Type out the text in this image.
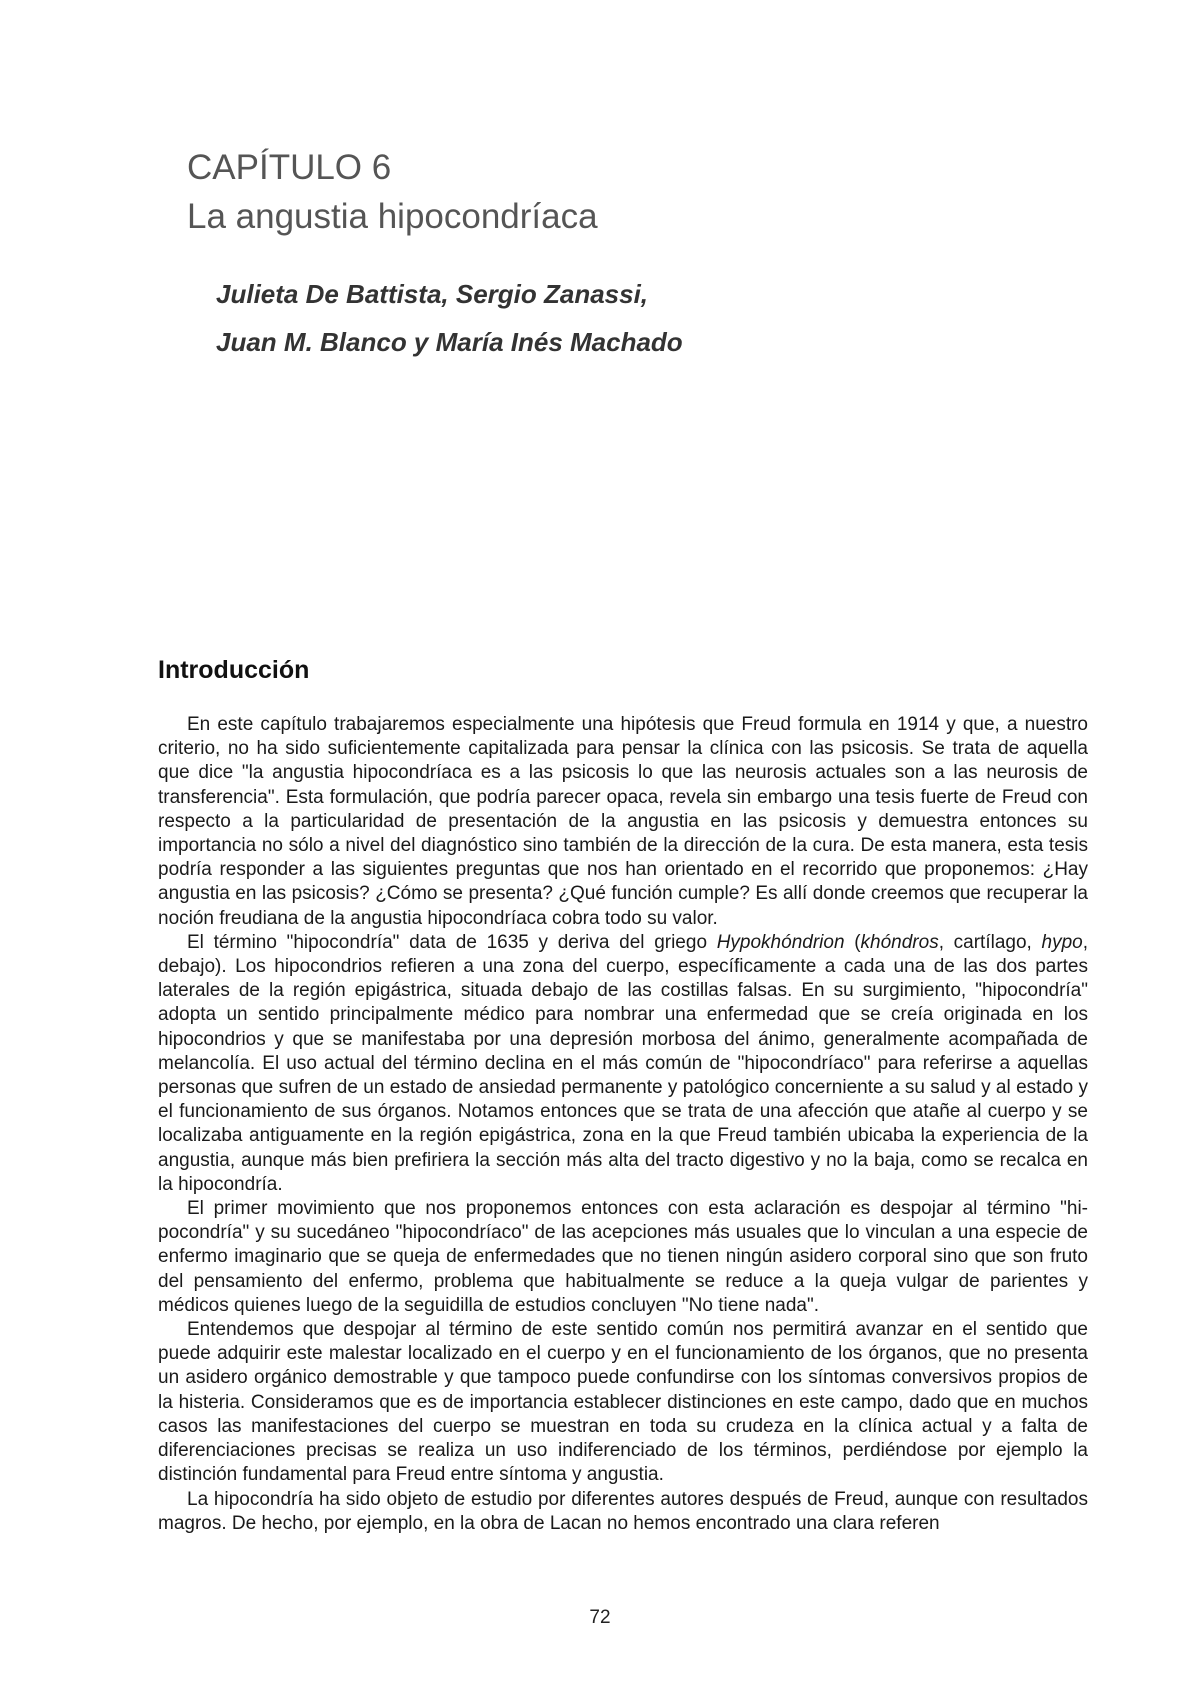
CAPÍTULO 6
La angustia hipocondríaca
Julieta De Battista, Sergio Zanassi,
Juan M. Blanco y María Inés Machado
Introducción

En este capítulo trabajaremos especialmente una hipótesis que Freud formula en 1914 y que, a nuestro criterio, no ha sido suficientemente capitalizada para pensar la clínica con las psicosis. Se trata de aquella que dice "la angustia hipocondríaca es a las psicosis lo que las neurosis actuales son a las neurosis de transferencia". Esta formulación, que podría parecer opaca, revela sin embargo una tesis fuerte de Freud con respecto a la particularidad de presentación de la angustia en las psicosis y demuestra entonces su importancia no sólo a nivel del diagnóstico sino también de la dirección de la cura. De esta manera, esta tesis podría responder a las siguientes preguntas que nos han orientado en el recorrido que proponemos: ¿Hay angustia en las psicosis? ¿Cómo se presenta? ¿Qué función cumple? Es allí donde creemos que recuperar la noción freudiana de la angustia hipocondríaca cobra todo su valor.

El término "hipocondría" data de 1635 y deriva del griego Hypokhóndrion (khóndros, cartílago, hypo, debajo). Los hipocondrios refieren a una zona del cuerpo, específicamente a cada una de las dos partes laterales de la región epigástrica, situada debajo de las costillas falsas. En su surgimiento, "hipocondría" adopta un sentido principalmente médico para nombrar una enfermedad que se creía originada en los hipocondrios y que se manifestaba por una depresión morbosa del ánimo, generalmente acompañada de melancolía. El uso actual del término declina en el más común de "hipocondríaco" para referirse a aquellas personas que sufren de un estado de ansiedad permanente y patológico concerniente a su salud y al estado y el funcionamiento de sus órganos. Notamos entonces que se trata de una afección que atañe al cuerpo y se localizaba antiguamente en la región epigástrica, zona en la que Freud también ubicaba la experiencia de la angustia, aunque más bien prefiriera la sección más alta del tracto digestivo y no la baja, como se recalca en la hipocondría.

El primer movimiento que nos proponemos entonces con esta aclaración es despojar al término "hipocondría" y su sucedáneo "hipocondríaco" de las acepciones más usuales que lo vinculan a una especie de enfermo imaginario que se queja de enfermedades que no tienen ningún asidero corporal sino que son fruto del pensamiento del enfermo, problema que habitualmente se reduce a la queja vulgar de parientes y médicos quienes luego de la seguidilla de estudios concluyen "No tiene nada".

Entendemos que despojar al término de este sentido común nos permitirá avanzar en el sentido que puede adquirir este malestar localizado en el cuerpo y en el funcionamiento de los órganos, que no presenta un asidero orgánico demostrable y que tampoco puede confundirse con los síntomas conversivos propios de la histeria. Consideramos que es de importancia establecer distinciones en este campo, dado que en muchos casos las manifestaciones del cuerpo se muestran en toda su crudeza en la clínica actual y a falta de diferenciaciones precisas se realiza un uso indiferenciado de los términos, perdiéndose por ejemplo la distinción fundamental para Freud entre síntoma y angustia.

La hipocondría ha sido objeto de estudio por diferentes autores después de Freud, aunque con resultados magros. De hecho, por ejemplo, en la obra de Lacan no hemos encontrado una clara referen

72
